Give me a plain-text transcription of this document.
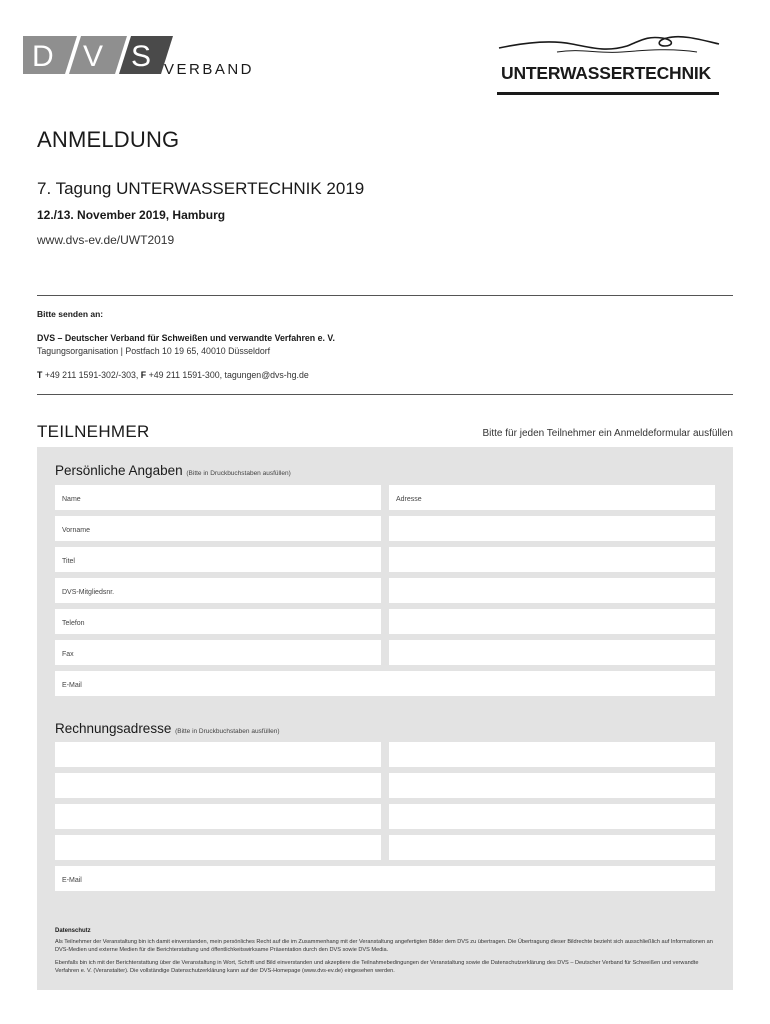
D V S VERBAND	UNTERWASSERTECHNIK
ANMELDUNG
7. Tagung UNTERWASSERTECHNIK 2019
12./13. November 2019, Hamburg
www.dvs-ev.de/UWT2019
Bitte senden an:
DVS – Deutscher Verband für Schweißen und verwandte Verfahren e. V.
Tagungsorganisation | Postfach 10 19 65, 40010 Düsseldorf
T +49 211 1591-302/-303, F +49 211 1591-300, tagungen@dvs-hg.de
TEILNEHMER	Bitte für jeden Teilnehmer ein Anmeldeformular ausfüllen
Persönliche Angaben (Bitte in Druckbuchstaben ausfüllen)
Name	Adresse
Vorname
Titel
DVS-Mitgliedsnr.
Telefon
Fax
E-Mail
Rechnungsadresse (Bitte in Druckbuchstaben ausfüllen)
E-Mail
Datenschutz
Als Teilnehmer der Veranstaltung bin ich damit einverstanden, mein persönliches Recht auf die im Zusammenhang mit der Veranstaltung angefertigten Bilder dem DVS zu übertragen. Die Übertragung dieser Bildrechte bezieht sich ausschließlich auf Informationen an DVS-Medien und externe Medien für die Berichterstattung und öffentlichkeitswirksame Präsentation durch den DVS sowie DVS Media.
Ebenfalls bin ich mit der Berichterstattung über die Veranstaltung in Wort, Schrift und Bild einverstanden und akzeptiere die Teilnahmebedingungen der Veranstaltung sowie die Datenschutzerklärung des DVS – Deutscher Verband für Schweißen und verwandte Verfahren e. V. (Veranstalter). Die vollständige Datenschutzerklärung kann auf der DVS-Homepage (www.dvs-ev.de) eingesehen werden.
